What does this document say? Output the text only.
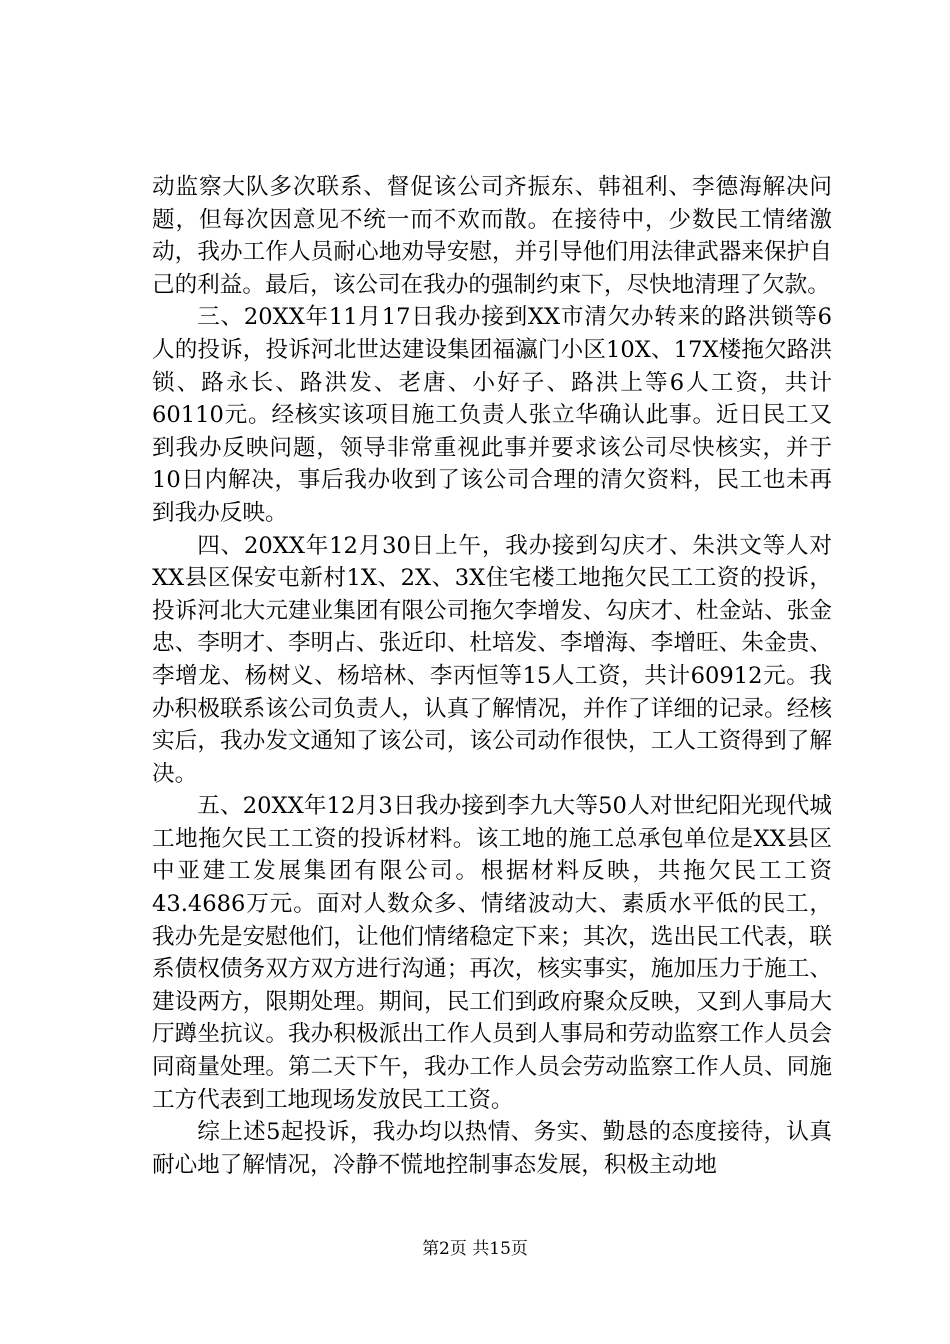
动监察大队多次联系、督促该公司齐振东、韩祖利、李德海解决问题，但每次因意见不统一而不欢而散。在接待中，少数民工情绪激动，我办工作人员耐心地劝导安慰，并引导他们用法律武器来保护自己的利益。最后，该公司在我办的强制约束下，尽快地清理了欠款。

三、20XX年11月17日我办接到XX市清欠办转来的路洪锁等6人的投诉，投诉河北世达建设集团福瀛门小区10X、17X楼拖欠路洪锁、路永长、路洪发、老唐、小好子、路洪上等6人工资，共计60110元。经核实该项目施工负责人张立华确认此事。近日民工又到我办反映问题，领导非常重视此事并要求该公司尽快核实，并于10日内解决，事后我办收到了该公司合理的清欠资料，民工也未再到我办反映。

四、20XX年12月30日上午，我办接到勾庆才、朱洪文等人对XX县区保安屯新村1X、2X、3X住宅楼工地拖欠民工工资的投诉，投诉河北大元建业集团有限公司拖欠李增发、勾庆才、杜金站、张金忠、李明才、李明占、张近印、杜培发、李增海、李增旺、朱金贵、李增龙、杨树义、杨培林、李丙恒等15人工资，共计60912元。我办积极联系该公司负责人，认真了解情况，并作了详细的记录。经核实后，我办发文通知了该公司，该公司动作很快，工人工资得到了解决。

五、20XX年12月3日我办接到李九大等50人对世纪阳光现代城工地拖欠民工工资的投诉材料。该工地的施工总承包单位是XX县区中亚建工发展集团有限公司。根据材料反映，共拖欠民工工资43.4686万元。面对人数众多、情绪波动大、素质水平低的民工，我办先是安慰他们，让他们情绪稳定下来；其次，选出民工代表，联系债权债务双方双方进行沟通；再次，核实事实，施加压力于施工、建设两方，限期处理。期间，民工们到政府聚众反映，又到人事局大厅蹲坐抗议。我办积极派出工作人员到人事局和劳动监察工作人员会同商量处理。第二天下午，我办工作人员会劳动监察工作人员、同施工方代表到工地现场发放民工工资。

综上述5起投诉，我办均以热情、务实、勤恳的态度接待，认真耐心地了解情况，冷静不慌地控制事态发展，积极主动地

第2页 共15页
